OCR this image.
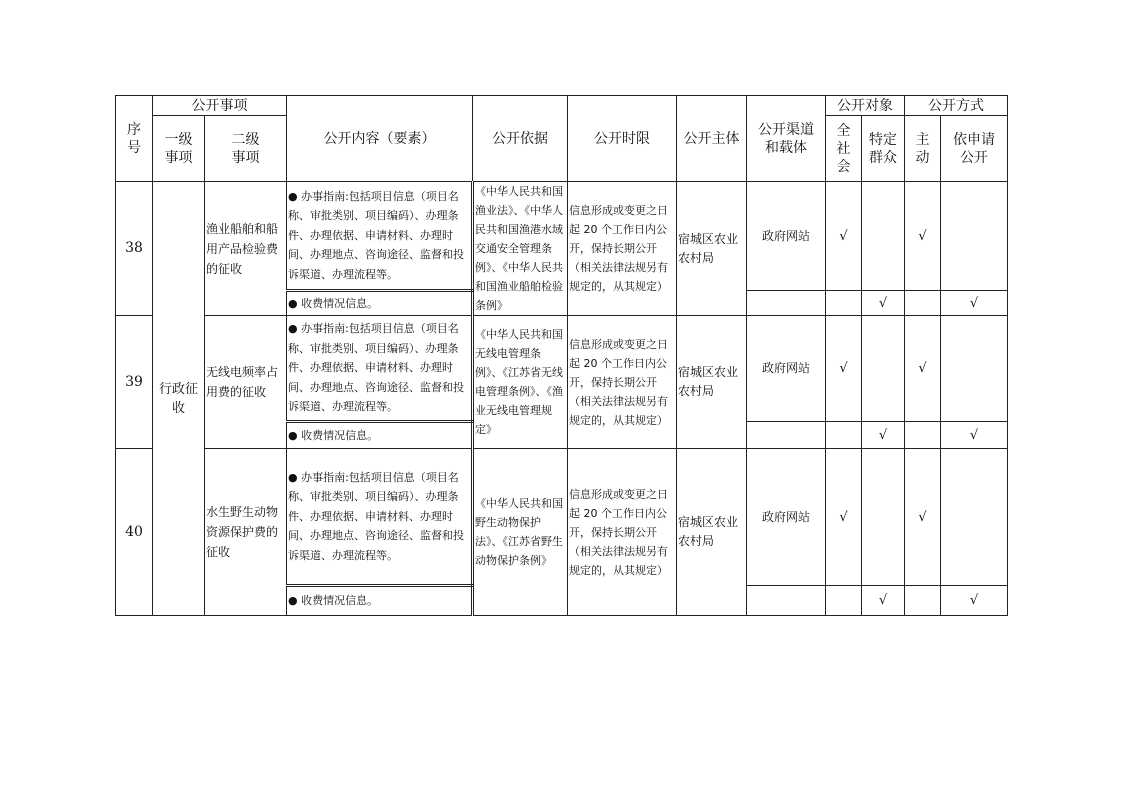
序号	公开事项		公开内容（要素）	公开依据	公开时限	公开主体	公开渠道和载体	公开对象		公开方式	
	一级事项	二级事项						全社会	特定群众	主动	依申请公开
38	行政征收	渔业船舶和船用产品检验费的征收	● 办事指南:包括项目信息（项目名称、审批类别、项目编码）、办理条件、办理依据、申请材料、办理时间、办理地点、咨询途径、监督和投诉渠道、办理流程等。	《中华人民共和国渔业法》、《中华人民共和国渔港水域交通安全管理条例》、《中华人民共和国渔业船舶检验条例》	信息形成或变更之日起 20 个工作日内公开，保持长期公开（相关法律法规另有规定的，从其规定）	宿城区农业农村局	政府网站	√		√	
			● 收费情况信息。						√		√
39		无线电频率占用费的征收	● 办事指南:包括项目信息（项目名称、审批类别、项目编码）、办理条件、办理依据、申请材料、办理时间、办理地点、咨询途径、监督和投诉渠道、办理流程等。	《中华人民共和国无线电管理条例》、《江苏省无线电管理条例》、《渔业无线电管理规定》	信息形成或变更之日起 20 个工作日内公开，保持长期公开（相关法律法规另有规定的，从其规定）	宿城区农业农村局	政府网站	√		√	
			● 收费情况信息。						√		√
40		水生野生动物资源保护费的征收	● 办事指南:包括项目信息（项目名称、审批类别、项目编码）、办理条件、办理依据、申请材料、办理时间、办理地点、咨询途径、监督和投诉渠道、办理流程等。	《中华人民共和国野生动物保护法》、《江苏省野生动物保护条例》	信息形成或变更之日起 20 个工作日内公开，保持长期公开（相关法律法规另有规定的，从其规定）	宿城区农业农村局	政府网站	√		√	
			● 收费情况信息。						√		√
